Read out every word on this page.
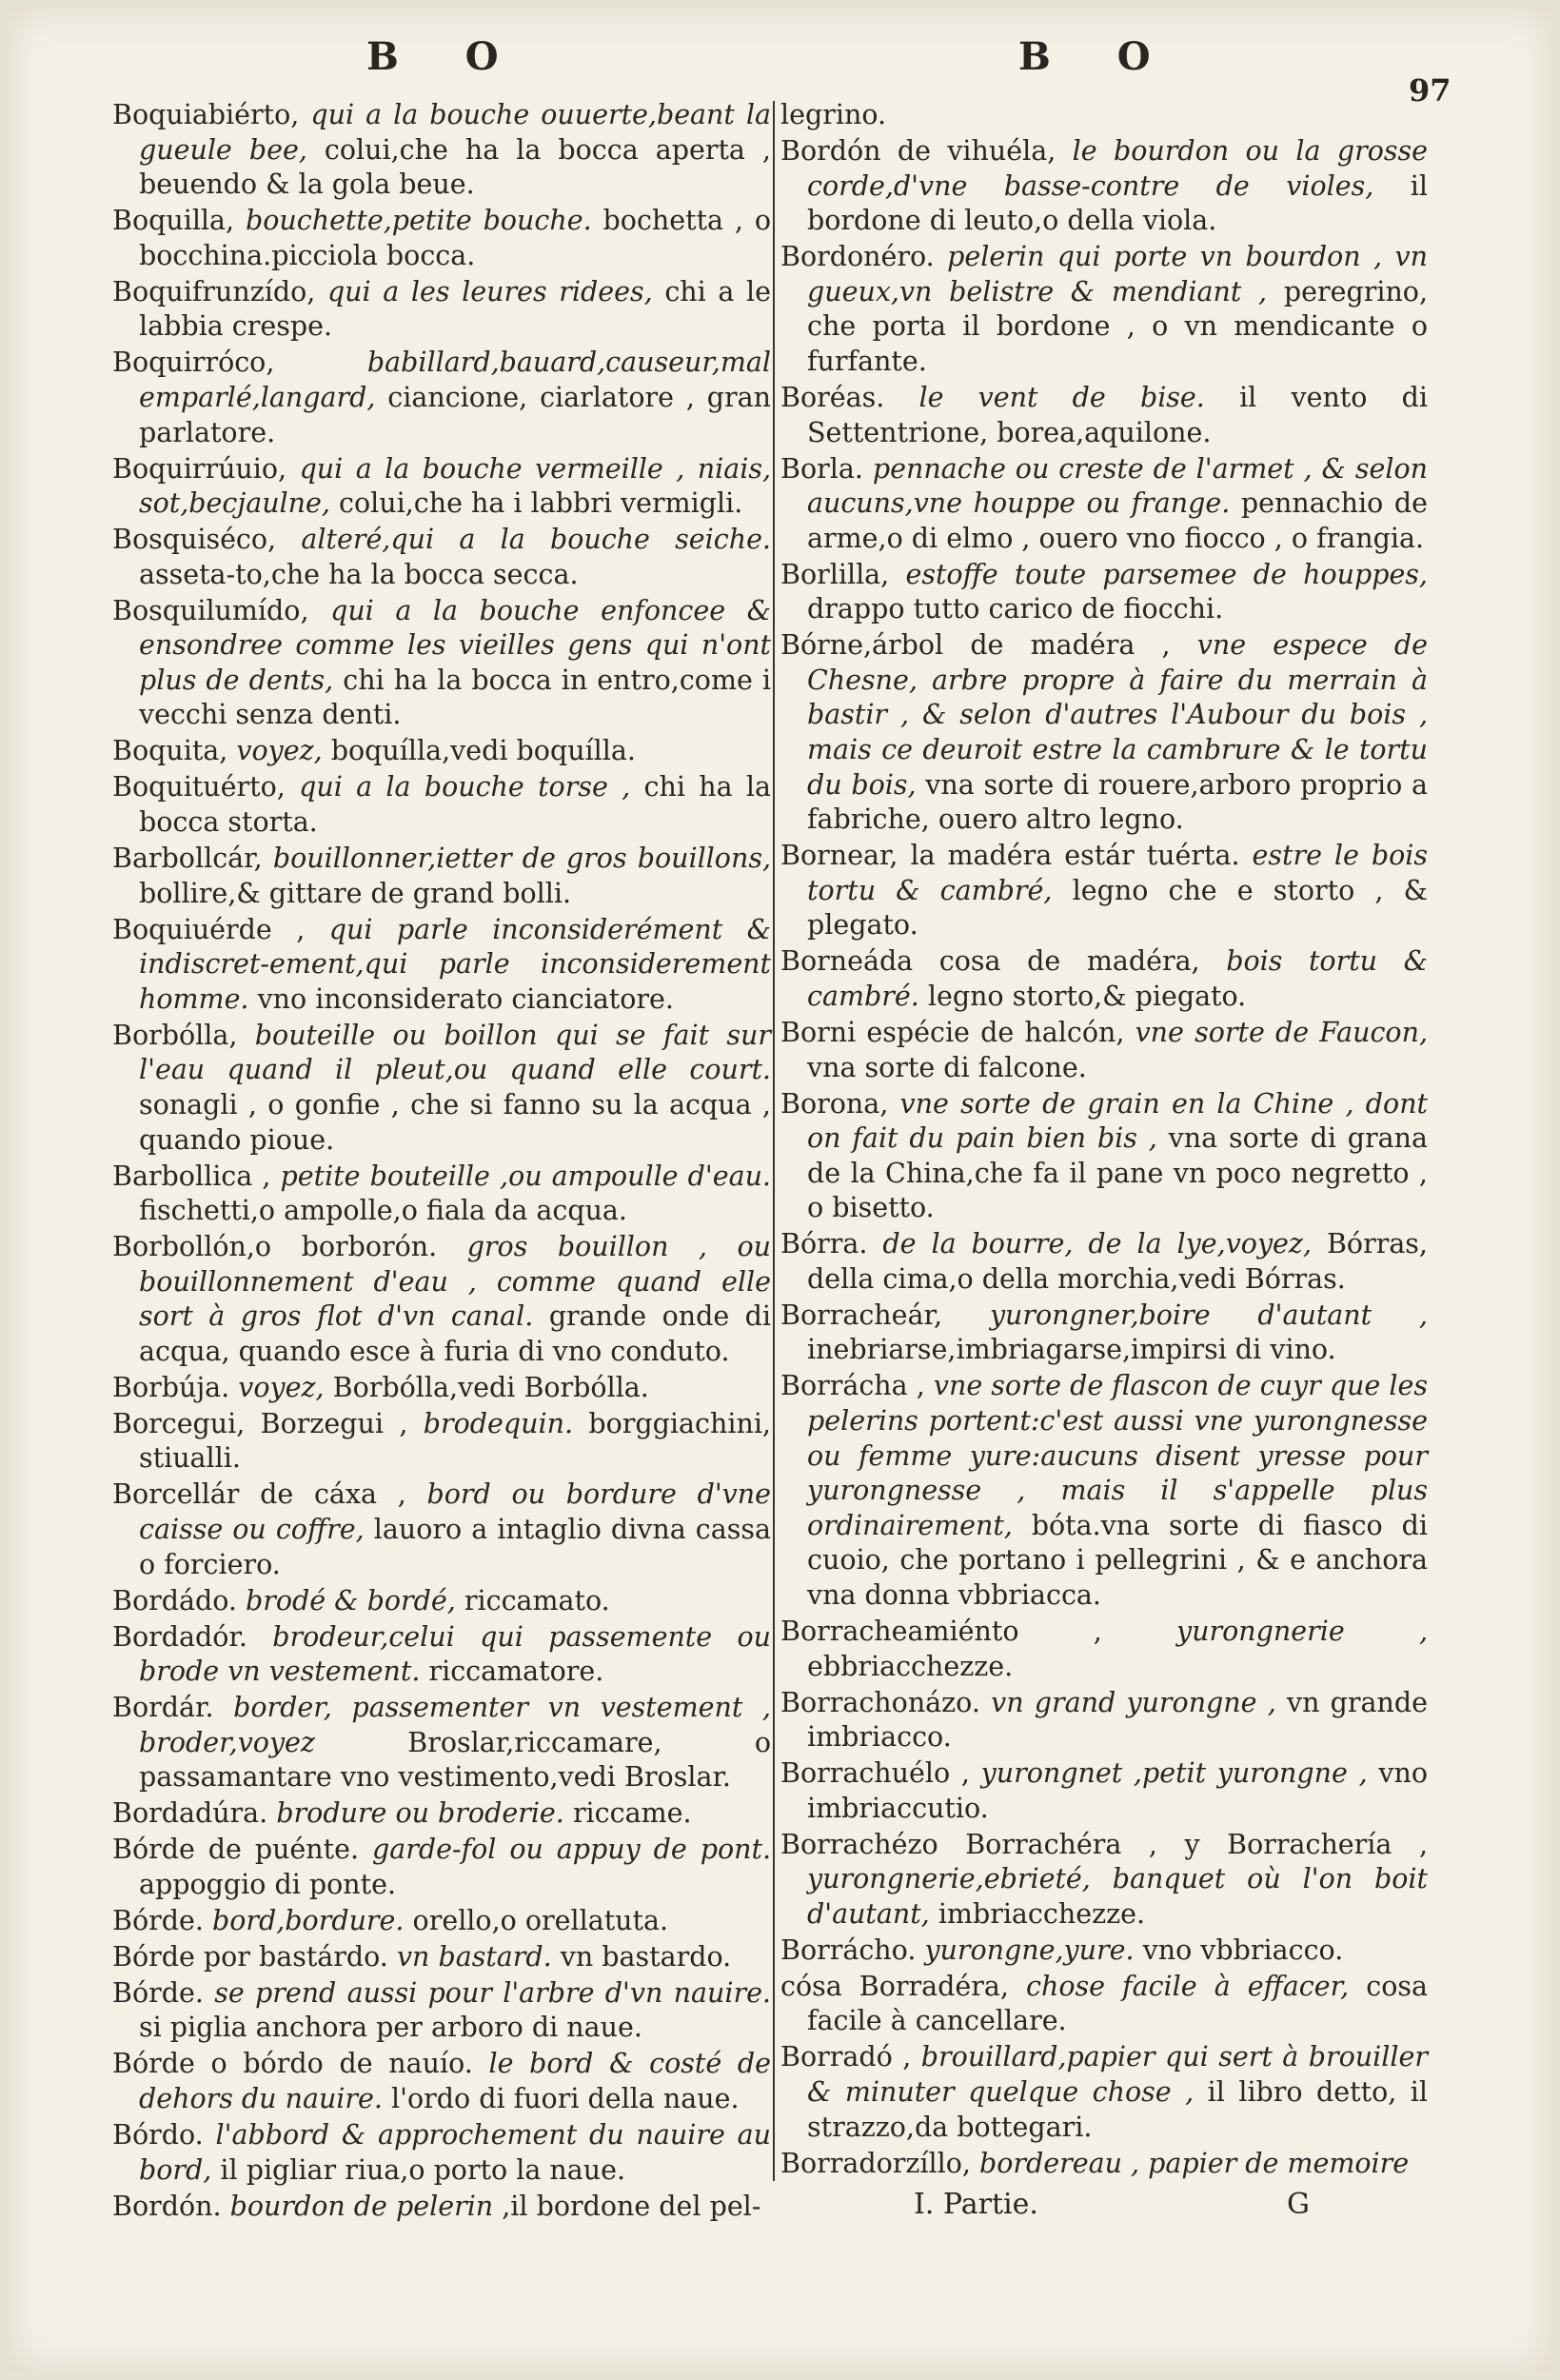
B O	B O
97

Boquiabiérto, qui a la bouche ouuerte,beant la gueule bee, colui,che ha la bocca aperta , beuendo & la gola beue.

Boquilla, bouchette,petite bouche. bochetta , o bocchina.picciola bocca.

Boquifrunzído, qui a les leures ridees, chi a le labbia crespe.

Boquirróco,	babillard,bauard,causeur,mal emparlé,langard, ciancione, ciarlatore , gran parlatore.

Boquirrúuio, qui a la bouche vermeille , niais, sot,becjaulne, colui,che ha i labbri vermigli.

Bosquiséco, alteré,qui a la bouche seiche. asseta-to,che ha la bocca secca.

Bosquilumído, qui a la bouche enfoncee & ensondree comme les vieilles gens qui n'ont plus de dents, chi ha la bocca in entro,come i vecchi senza denti.

Boquita, voyez, boquílla,vedi boquílla.

Boquituérto, qui a la bouche torse , chi ha la bocca storta.

Barbollcár, bouillonner,ietter de gros bouillons, bollire,& gittare de grand bolli.

Boquiuérde , qui parle inconsiderément & indiscret-ement,qui parle inconsiderement homme. vno inconsiderato cianciatore.

Borbólla, bouteille ou boillon qui se fait sur l'eau quand il pleut,ou quand elle court. sonagli , o gonfie , che si fanno su la acqua , quando pioue.

Barbollica , petite bouteille ,ou ampoulle d'eau. fischetti,o ampolle,o fiala da acqua.

Borbollón,o borborón. gros bouillon , ou bouillonnement d'eau , comme quand elle sort à gros flot d'vn canal. grande onde di acqua, quando esce à furia di vno conduto.

Borbúja. voyez, Borbólla,vedi Borbólla.

Borcegui, Borzegui , brodequin. borggiachini, stiualli.

Borcellár de cáxa , bord ou bordure d'vne caisse ou coffre, lauoro a intaglio divna cassa o forciero.

Bordádo. brodé & bordé, riccamato.

Bordadór. brodeur,celui qui passemente ou brode vn vestement. riccamatore.

Bordár. border, passementer vn vestement , broder,voyez	Broslar,riccamare, o passamantare vno vestimento,vedi Broslar.

Bordadúra. brodure ou broderie. riccame.

Bórde de puénte. garde-fol ou appuy de pont. appoggio di ponte.

Bórde. bord,bordure. orello,o orellatuta.

Bórde por bastárdo. vn bastard. vn bastardo.

Bórde. se prend aussi pour l'arbre d'vn nauire. si piglia anchora per arboro di naue.

Bórde o bórdo de nauío. le bord & costé de dehors du nauire. l'ordo di fuori della naue.

Bórdo. l'abbord & approchement du nauire au bord, il pigliar riua,o porto la naue.

Bordón. bourdon de pelerin ,il bordone del pel-

legrino.

Bordón de vihuéla, le bourdon ou la grosse corde,d'vne basse-contre de violes, il bordone di leuto,o della viola.

Bordonéro. pelerin qui porte vn bourdon , vn gueux,vn belistre & mendiant , peregrino, che porta il bordone , o vn mendicante o furfante.

Boréas. le vent de bise. il vento di Settentrione, borea,aquilone.

Borla. pennache ou creste de l'armet , & selon aucuns,vne houppe ou frange. pennachio de arme,o di elmo , ouero vno fiocco , o frangia.

Borlilla, estoffe toute parsemee de houppes, drappo tutto carico de fiocchi.

Bórne,árbol de madéra , vne espece de Chesne, arbre propre à faire du merrain à bastir , & selon d'autres l'Aubour du bois , mais ce deuroit estre la cambrure & le tortu du bois, vna sorte di rouere,arboro proprio a fabriche, ouero altro legno.

Bornear, la madéra estár tuérta. estre le bois tortu & cambré, legno che e storto , & plegato.

Borneáda cosa de madéra, bois tortu & cambré. legno storto,& piegato.

Borni espécie de halcón, vne sorte de Faucon, vna sorte di falcone.

Borona, vne sorte de grain en la Chine , dont on fait du pain bien bis , vna sorte di grana de la China,che fa il pane vn poco negretto , o bisetto.

Bórra. de la bourre, de la lye,voyez, Bórras, della cima,o della morchia,vedi Bórras.

Borracheár, yurongner,boire d'autant , inebriarse,imbriagarse,impirsi di vino.

Borrácha , vne sorte de flascon de cuyr que les pelerins portent:c'est aussi vne yurongnesse ou femme yure:aucuns disent yresse pour yurongnesse , mais il s'appelle plus ordinairement, bóta.vna sorte di fiasco di cuoio, che portano i pellegrini , & e anchora vna donna vbbriacca.

Borracheamiénto ,	yurongnerie , ebbriacchezze.

Borrachonázo. vn grand yurongne , vn grande imbriacco.

Borrachuélo , yurongnet ,petit yurongne , vno imbriaccutio.

Borrachézo Borrachéra , y Borrachería , yurongnerie,ebrieté, banquet où l'on boit d'autant, imbriacchezze.

Borrácho. yurongne,yure. vno vbbriacco.

cósa Borradéra, chose facile à effacer, cosa facile à cancellare.

Borradó , brouillard,papier qui sert à brouiller & minuter quelque chose , il libro detto, il strazzo,da bottegari.

Borradorzíllo, bordereau , papier de memoire

I. Partie.	G
